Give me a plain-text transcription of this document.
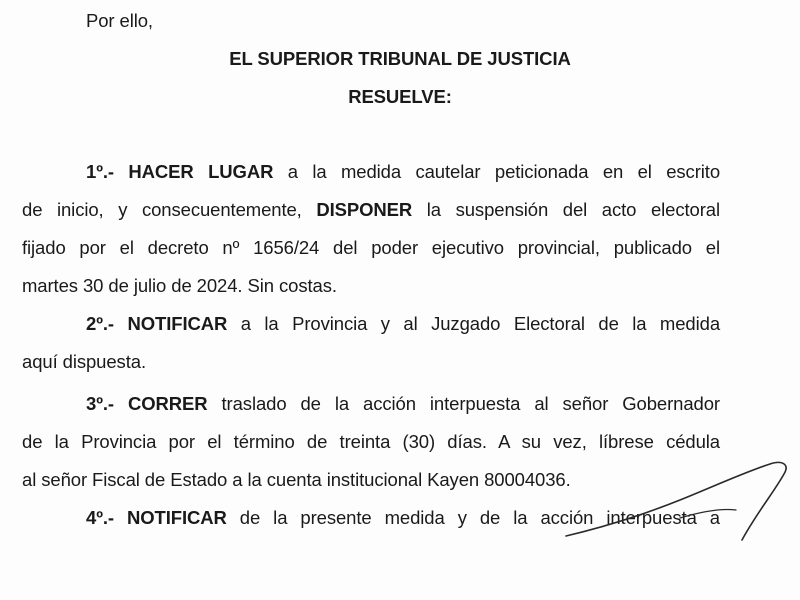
Por ello,
EL SUPERIOR TRIBUNAL DE JUSTICIA
RESUELVE:
1º.- HACER LUGAR a la medida cautelar peticionada en el escrito
de inicio, y consecuentemente, DISPONER la suspensión del acto electoral
fijado por el decreto nº 1656/24 del poder ejecutivo provincial, publicado el
martes 30 de julio de 2024. Sin costas.
2º.- NOTIFICAR a la Provincia y al Juzgado Electoral de la medida
aquí dispuesta.
3º.- CORRER traslado de la acción interpuesta al señor Gobernador
de la Provincia por el término de treinta (30) días. A su vez, líbrese cédula
al señor Fiscal de Estado a la cuenta institucional Kayen 80004036.
4º.- NOTIFICAR de la presente medida y de la acción interpuesta a
